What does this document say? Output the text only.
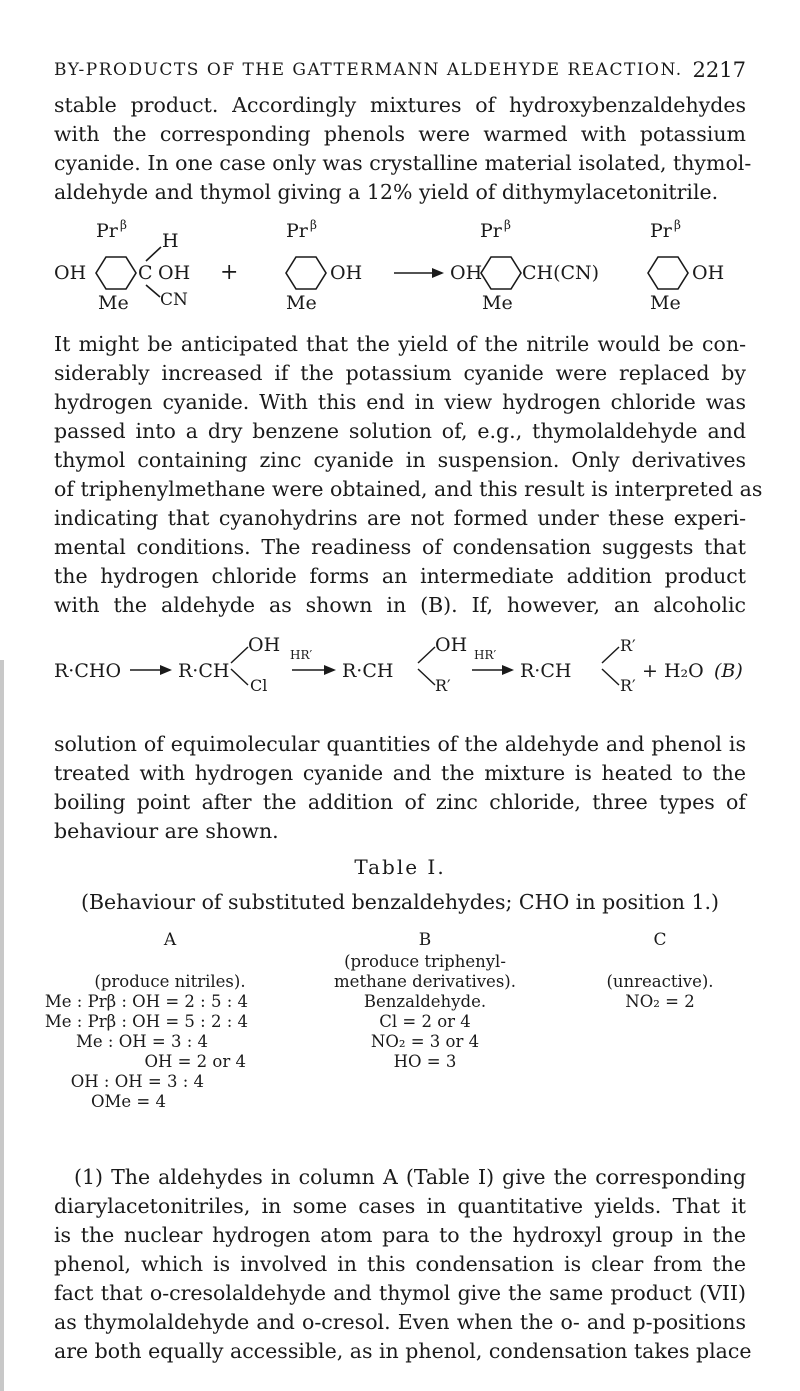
BY-PRODUCTS OF THE GATTERMANN ALDEHYDE REACTION. 2217
stable product. Accordingly mixtures of hydroxybenzaldehydes
with the corresponding phenols were warmed with potassium
cyanide. In one case only was crystalline material isolated, thymol-
aldehyde and thymol giving a 12% yield of dithymylacetonitrile.
Pr β
OH
Me
C
H
OH
CN
+
Pr β
OH
Me
Pr β
OH CH(CN)
Me
Pr β
OH
Me
It might be anticipated that the yield of the nitrile would be con-
siderably increased if the potassium cyanide were replaced by
hydrogen cyanide. With this end in view hydrogen chloride was
passed into a dry benzene solution of, e.g., thymolaldehyde and
thymol containing zinc cyanide in suspension. Only derivatives
of triphenylmethane were obtained, and this result is interpreted as
indicating that cyanohydrins are not formed under these experi-
mental conditions. The readiness of condensation suggests that
the hydrogen chloride forms an intermediate addition product
with the aldehyde as shown in (B). If, however, an alcoholic
R·CHO	R·CH
OH
Cl
HR′
R·CH
OH
R′
HR′
R·CH
R′
R′
+ H₂O (B)
solution of equimolecular quantities of the aldehyde and phenol is
treated with hydrogen cyanide and the mixture is heated to the
boiling point after the addition of zinc chloride, three types of
behaviour are shown.
Table I.
(Behaviour of substituted benzaldehydes; CHO in position 1.)
A
(produce nitriles).
Me : Prβ : OH = 2 : 5 : 4
Me : Prβ : OH = 5 : 2 : 4
Me : OH = 3 : 4
OH = 2 or 4
OH : OH = 3 : 4
OMe = 4
B
(produce triphenyl-
methane derivatives).
Benzaldehyde.
Cl = 2 or 4
NO₂ = 3 or 4
HO = 3
C
(unreactive).
NO₂ = 2
(1) The aldehydes in column A (Table I) give the corresponding
diarylacetonitriles, in some cases in quantitative yields. That it
is the nuclear hydrogen atom para to the hydroxyl group in the
phenol, which is involved in this condensation is clear from the
fact that o-cresolaldehyde and thymol give the same product (VII)
as thymolaldehyde and o-cresol. Even when the o- and p-positions
are both equally accessible, as in phenol, condensation takes place
